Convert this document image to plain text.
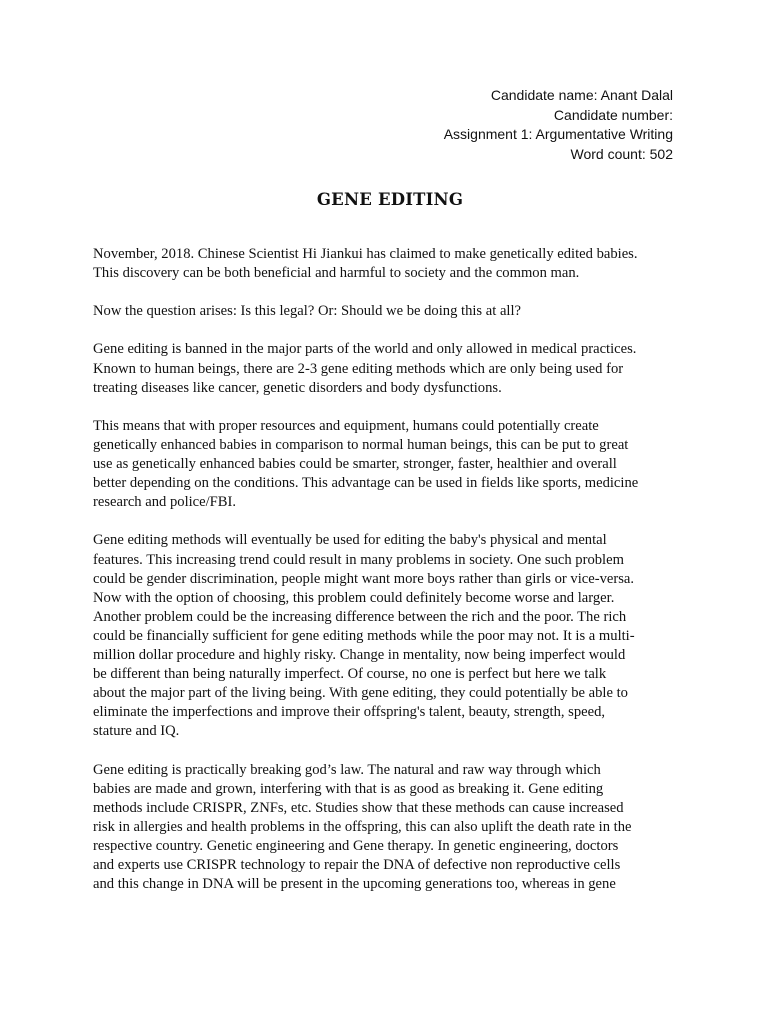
Candidate name: Anant Dalal
Candidate number:
Assignment 1: Argumentative Writing
Word count: 502
GENE EDITING
November, 2018. Chinese Scientist Hi Jiankui has claimed to make genetically edited babies.
This discovery can be both beneficial and harmful to society and the common man.
Now the question arises: Is this legal? Or: Should we be doing this at all?
Gene editing is banned in the major parts of the world and only allowed in medical practices.
Known to human beings, there are 2-3 gene editing methods which are only being used for
treating diseases like cancer, genetic disorders and body dysfunctions.
This means that with proper resources and equipment, humans could potentially create
genetically enhanced babies in comparison to normal human beings, this can be put to great
use as genetically enhanced babies could be smarter, stronger, faster, healthier and overall
better depending on the conditions. This advantage can be used in fields like sports, medicine
research and police/FBI.
Gene editing methods will eventually be used for editing the baby's physical and mental
features. This increasing trend could result in many problems in society. One such problem
could be gender discrimination, people might want more boys rather than girls or vice-versa.
Now with the option of choosing, this problem could definitely become worse and larger.
Another problem could be the increasing difference between the rich and the poor. The rich
could be financially sufficient for gene editing methods while the poor may not. It is a multi-
million dollar procedure and highly risky. Change in mentality, now being imperfect would
be different than being naturally imperfect. Of course, no one is perfect but here we talk
about the major part of the living being. With gene editing, they could potentially be able to
eliminate the imperfections and improve their offspring's talent, beauty, strength, speed,
stature and IQ.
Gene editing is practically breaking god’s law. The natural and raw way through which
babies are made and grown, interfering with that is as good as breaking it. Gene editing
methods include CRISPR, ZNFs, etc. Studies show that these methods can cause increased
risk in allergies and health problems in the offspring, this can also uplift the death rate in the
respective country. Genetic engineering and Gene therapy. In genetic engineering, doctors
and experts use CRISPR technology to repair the DNA of defective non reproductive cells
and this change in DNA will be present in the upcoming generations too, whereas in gene
